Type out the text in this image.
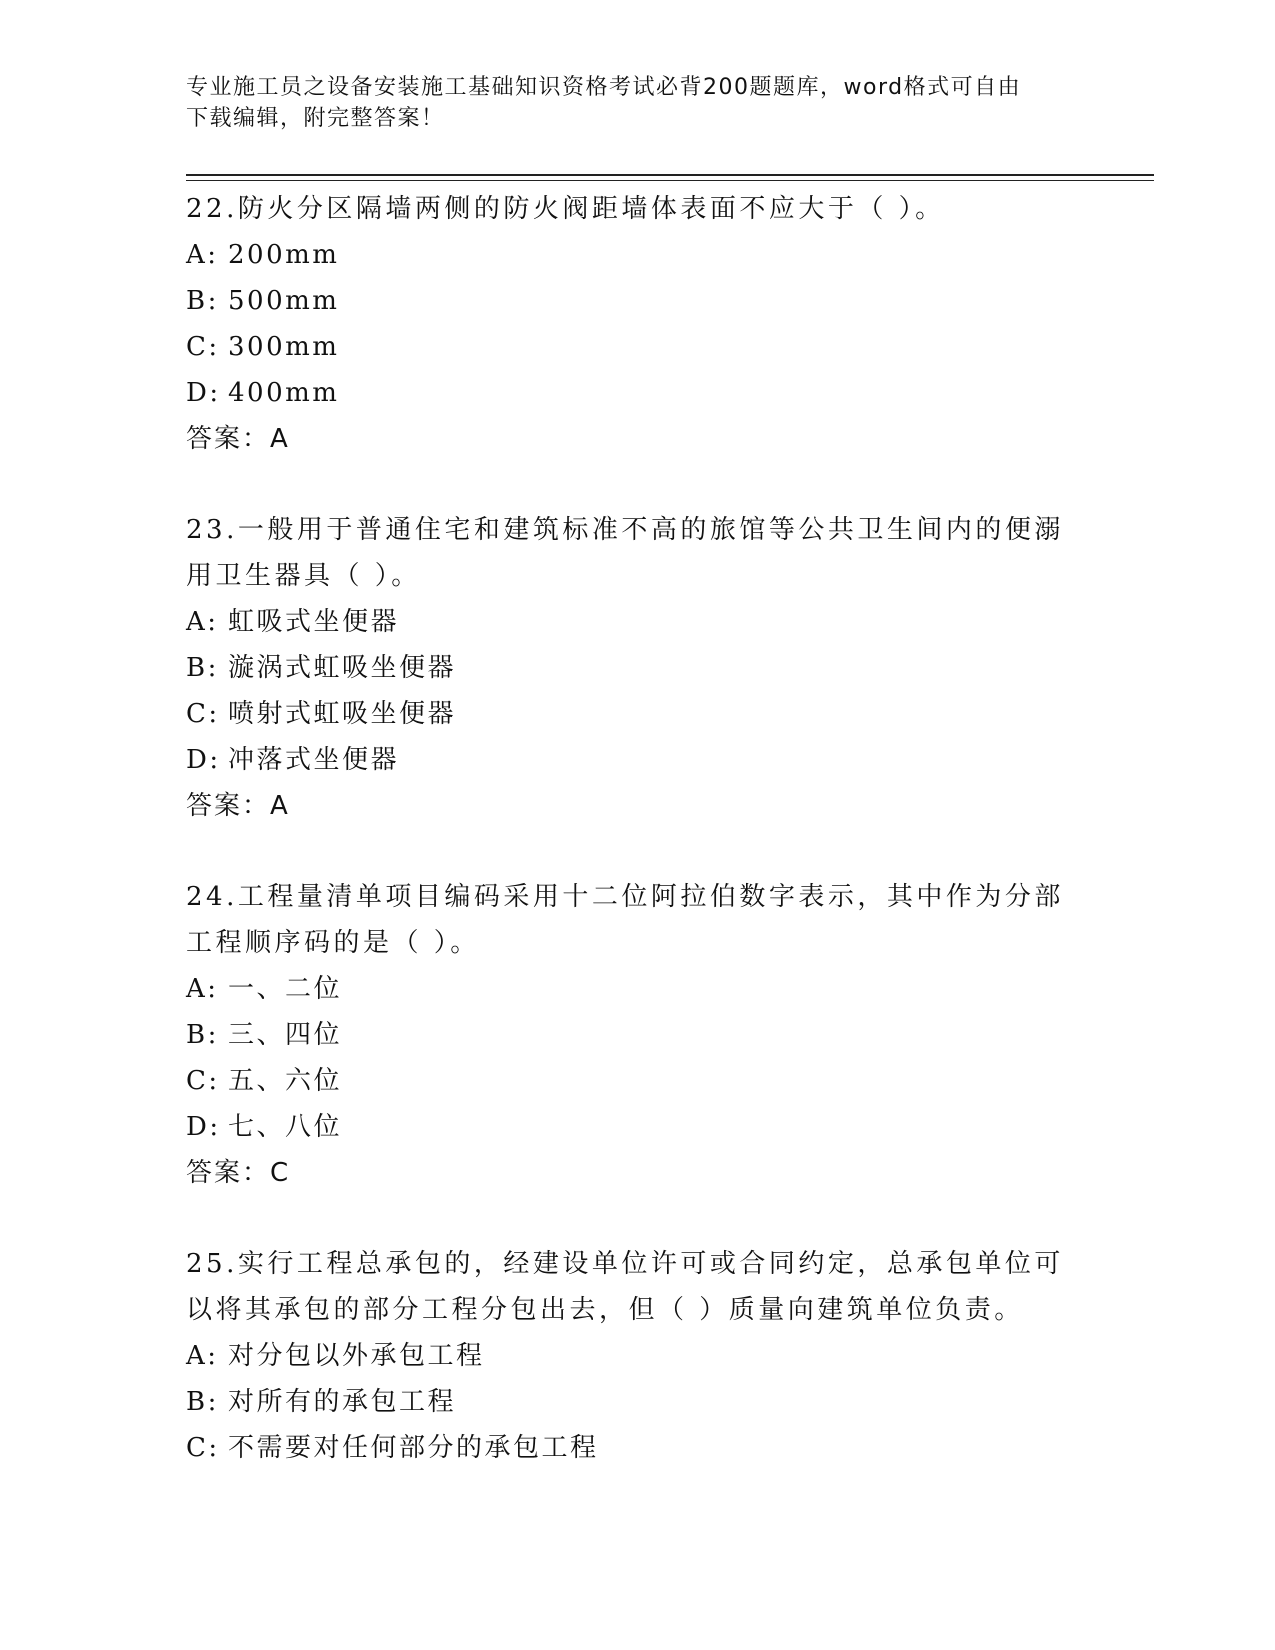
专业施工员之设备安装施工基础知识资格考试必背200题题库，word格式可自由
下载编辑，附完整答案！

22.防火分区隔墙两侧的防火阀距墙体表面不应大于（ ）。

A: 200mm
B: 500mm
C: 300mm
D: 400mm

答案：A

23.一般用于普通住宅和建筑标准不高的旅馆等公共卫生间内的便溺用卫生器具（ ）。

A: 虹吸式坐便器
B: 漩涡式虹吸坐便器
C: 喷射式虹吸坐便器
D: 冲落式坐便器

答案：A

24.工程量清单项目编码采用十二位阿拉伯数字表示，其中作为分部工程顺序码的是（ ）。

A: 一、二位
B: 三、四位
C: 五、六位
D: 七、八位

答案：C

25.实行工程总承包的，经建设单位许可或合同约定，总承包单位可以将其承包的部分工程分包出去，但（ ）质量向建筑单位负责。

A: 对分包以外承包工程
B: 对所有的承包工程
C: 不需要对任何部分的承包工程
